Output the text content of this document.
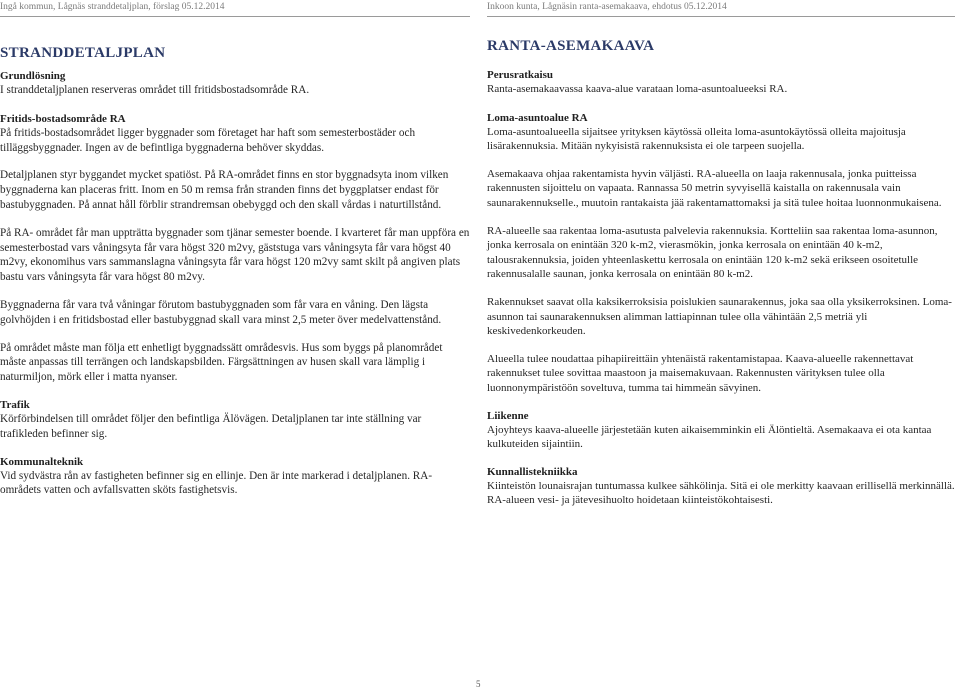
Ingå kommun, Lågnäs stranddetaljplan, förslag 05.12.2014
STRANDDETALJPLAN
Grundlösning
I stranddetaljplanen reserveras området till fritidsbostadsområde RA.
Fritids-bostadsområde RA
På fritids-bostadsområdet ligger byggnader som företaget har haft som semesterbostäder och tilläggsbyggnader. Ingen av de befintliga byggnaderna behöver skyddas.
Detaljplanen styr byggandet mycket spatiöst. På RA-området finns en stor byggnadsyta inom vilken byggnaderna kan placeras fritt. Inom en 50 m remsa från stranden finns det byggplatser endast för bastubyggnaden. På annat håll förblir strandremsan obebyggd och den skall vårdas i naturtillstånd.
På RA- området får man uppträtta byggnader som tjänar semester boende. I kvarteret får man uppföra en semesterbostad vars våningsyta får vara högst 320 m2vy, gäststuga vars våningsyta får vara högst 40 m2vy, ekonomihus vars sammanslagna våningsyta får vara högst 120 m2vy samt skilt på angiven plats bastu vars våningsyta får vara högst 80 m2vy.
Byggnaderna får vara två våningar förutom bastubyggnaden som får vara en våning. Den lägsta golvhöjden i en fritidsbostad eller bastubyggnad skall vara minst 2,5 meter över medelvattenstånd.
På området måste man följa ett enhetligt byggnadssätt områdesvis. Hus som byggs på planområdet måste anpassas till terrängen och landskapsbilden. Färgsättningen av husen skall vara lämplig i naturmiljon, mörk eller i matta nyanser.
Trafik
Körförbindelsen till området följer den befintliga Älövägen. Detaljplanen tar inte ställning var trafikleden befinner sig.
Kommunalteknik
Vid sydvästra rån av fastigheten befinner sig en ellinje. Den är inte markerad i detaljplanen. RA-områdets vatten och avfallsvatten sköts fastighetsvis.
Inkoon kunta, Lågnäsin ranta-asemakaava, ehdotus 05.12.2014
RANTA-ASEMAKAAVA
Perusratkaisu
Ranta-asemakaavassa kaava-alue varataan loma-asuntoalueeksi RA.
Loma-asuntoalue RA
Loma-asuntoalueella sijaitsee yrityksen käytössä olleita loma-asuntokäytössä olleita majoitusja lisärakennuksia. Mitään nykyisistä rakennuksista ei ole tarpeen suojella.
Asemakaava ohjaa rakentamista hyvin väljästi. RA-alueella on laaja rakennusala, jonka puitteissa rakennusten sijoittelu on vapaata. Rannassa 50 metrin syvyisellä kaistalla on rakennusala vain saunarakennukselle., muutoin rantakaista jää rakentamattomaksi ja sitä tulee hoitaa luonnonmukaisena.
RA-alueelle saa rakentaa loma-asutusta palvelevia rakennuksia. Kortteliin saa rakentaa loma-asunnon, jonka kerrosala on enintään 320 k-m2, vierasmökin, jonka kerrosala on enintään 40 k-m2, talousrakennuksia, joiden yhteenlaskettu kerrosala on enintään 120 k-m2 sekä erikseen osoitetulle rakennusalalle saunan, jonka kerrosala on enintään 80 k-m2.
Rakennukset saavat olla kaksikerroksisia poislukien saunarakennus, joka saa olla yksikerroksinen. Loma-asunnon tai saunarakennuksen alimman lattiapinnan tulee olla vähintään 2,5 metriä yli keskivedenkorkeuden.
Alueella tulee noudattaa pihapiireittäin yhtenäistä rakentamistapaa. Kaava-alueelle rakennettavat rakennukset tulee sovittaa maastoon ja maisemakuvaan. Rakennusten värityksen tulee olla luonnonympäristöön soveltuva, tumma tai himmeän sävyinen.
Liikenne
Ajoyhteys kaava-alueelle järjestetään kuten aikaisemminkin eli Älöntieltä. Asemakaava ei ota kantaa kulkuteiden sijaintiin.
Kunnallistekniikka
Kiinteistön lounaisrajan tuntumassa kulkee sähkölinja. Sitä ei ole merkitty kaavaan erillisellä merkinnällä. RA-alueen vesi- ja jätevesihuolto hoidetaan kiinteistökohtaisesti.
5
